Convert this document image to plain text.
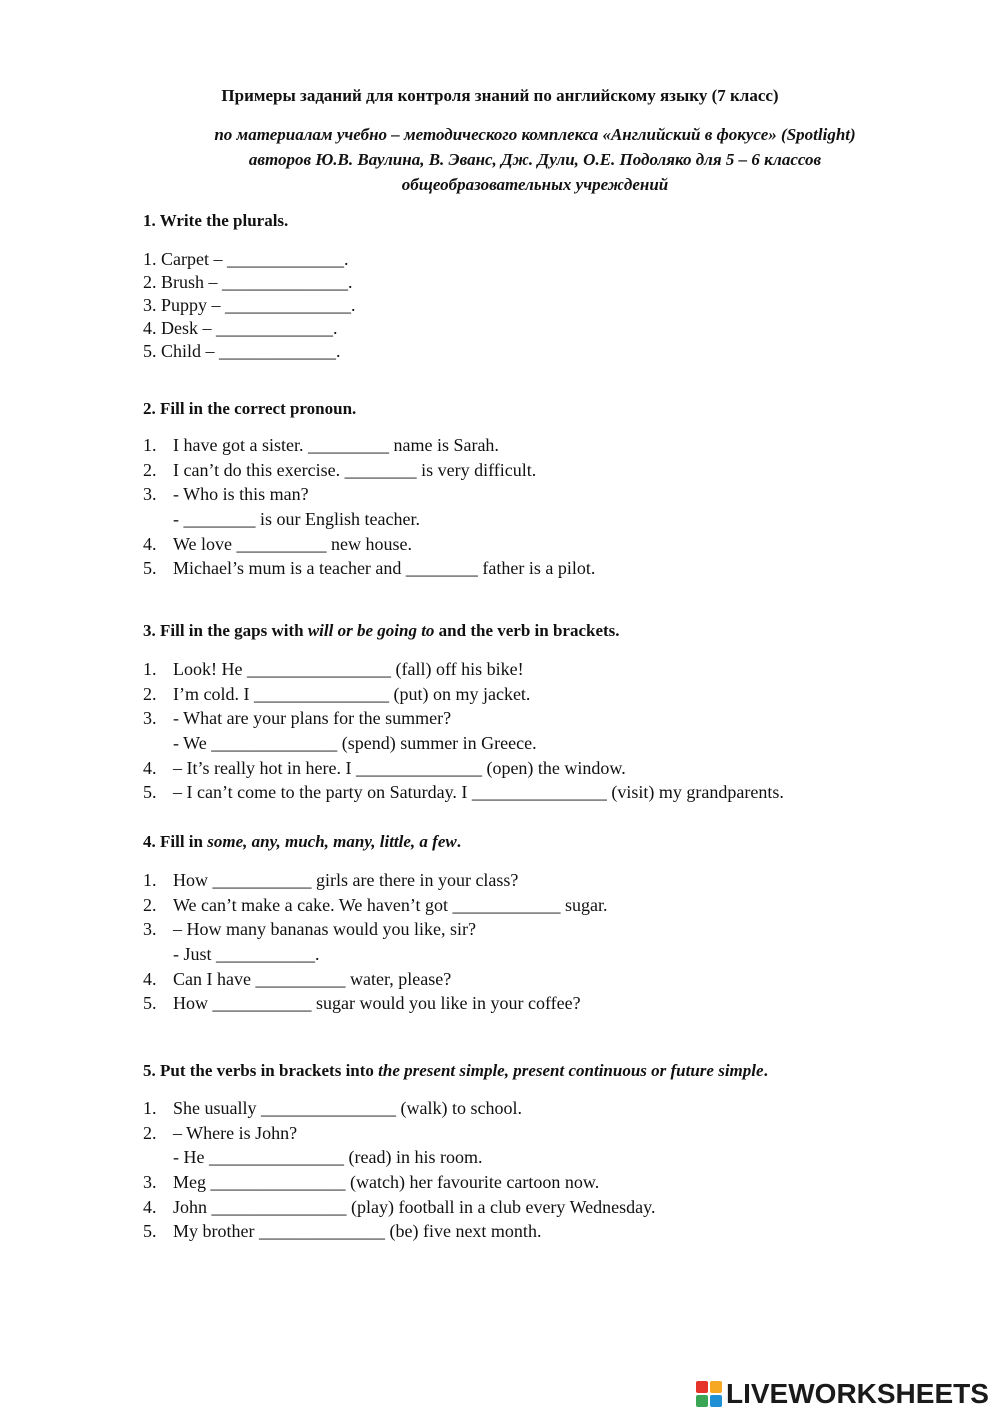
Примеры заданий для контроля знаний по английскому языку (7 класс)

по материалам учебно – методического комплекса «Английский в фокусе» (Spotlight)
авторов Ю.В. Ваулина, В. Эванс, Дж. Дули, О.Е. Подоляко для 5 – 6 классов
общеобразовательных учреждений

1. Write the plurals.
1. Carpet – _____________.
2. Brush – ______________.
3. Puppy – ______________.
4. Desk – _____________.
5. Child – _____________.
2. Fill in the correct pronoun.
1. I have got a sister. _________ name is Sarah.
2. I can’t do this exercise. ________ is very difficult.
3. - Who is this man?
- ________ is our English teacher.
4. We love __________ new house.
5. Michael’s mum is a teacher and ________ father is a pilot.
3. Fill in the gaps with will or be going to and the verb in brackets.
1. Look! He ________________ (fall) off his bike!
2. I’m cold. I _______________ (put) on my jacket.
3. - What are your plans for the summer?
- We ______________ (spend) summer in Greece.
4. – It’s really hot in here. I ______________ (open) the window.
5. – I can’t come to the party on Saturday. I _______________ (visit) my grandparents.
4. Fill in some, any, much, many, little, a few.
1. How ___________ girls are there in your class?
2. We can’t make a cake. We haven’t got ____________ sugar.
3. – How many bananas would you like, sir?
- Just ___________.
4. Can I have __________ water, please?
5. How ___________ sugar would you like in your coffee?
5. Put the verbs in brackets into the present simple, present continuous or future simple.
1. She usually _______________ (walk) to school.
2. – Where is John?
- He _______________ (read) in his room.
3. Meg _______________ (watch) her favourite cartoon now.
4. John _______________ (play) football in a club every Wednesday.
5. My brother ______________ (be) five next month.
LIVEWORKSHEETS
